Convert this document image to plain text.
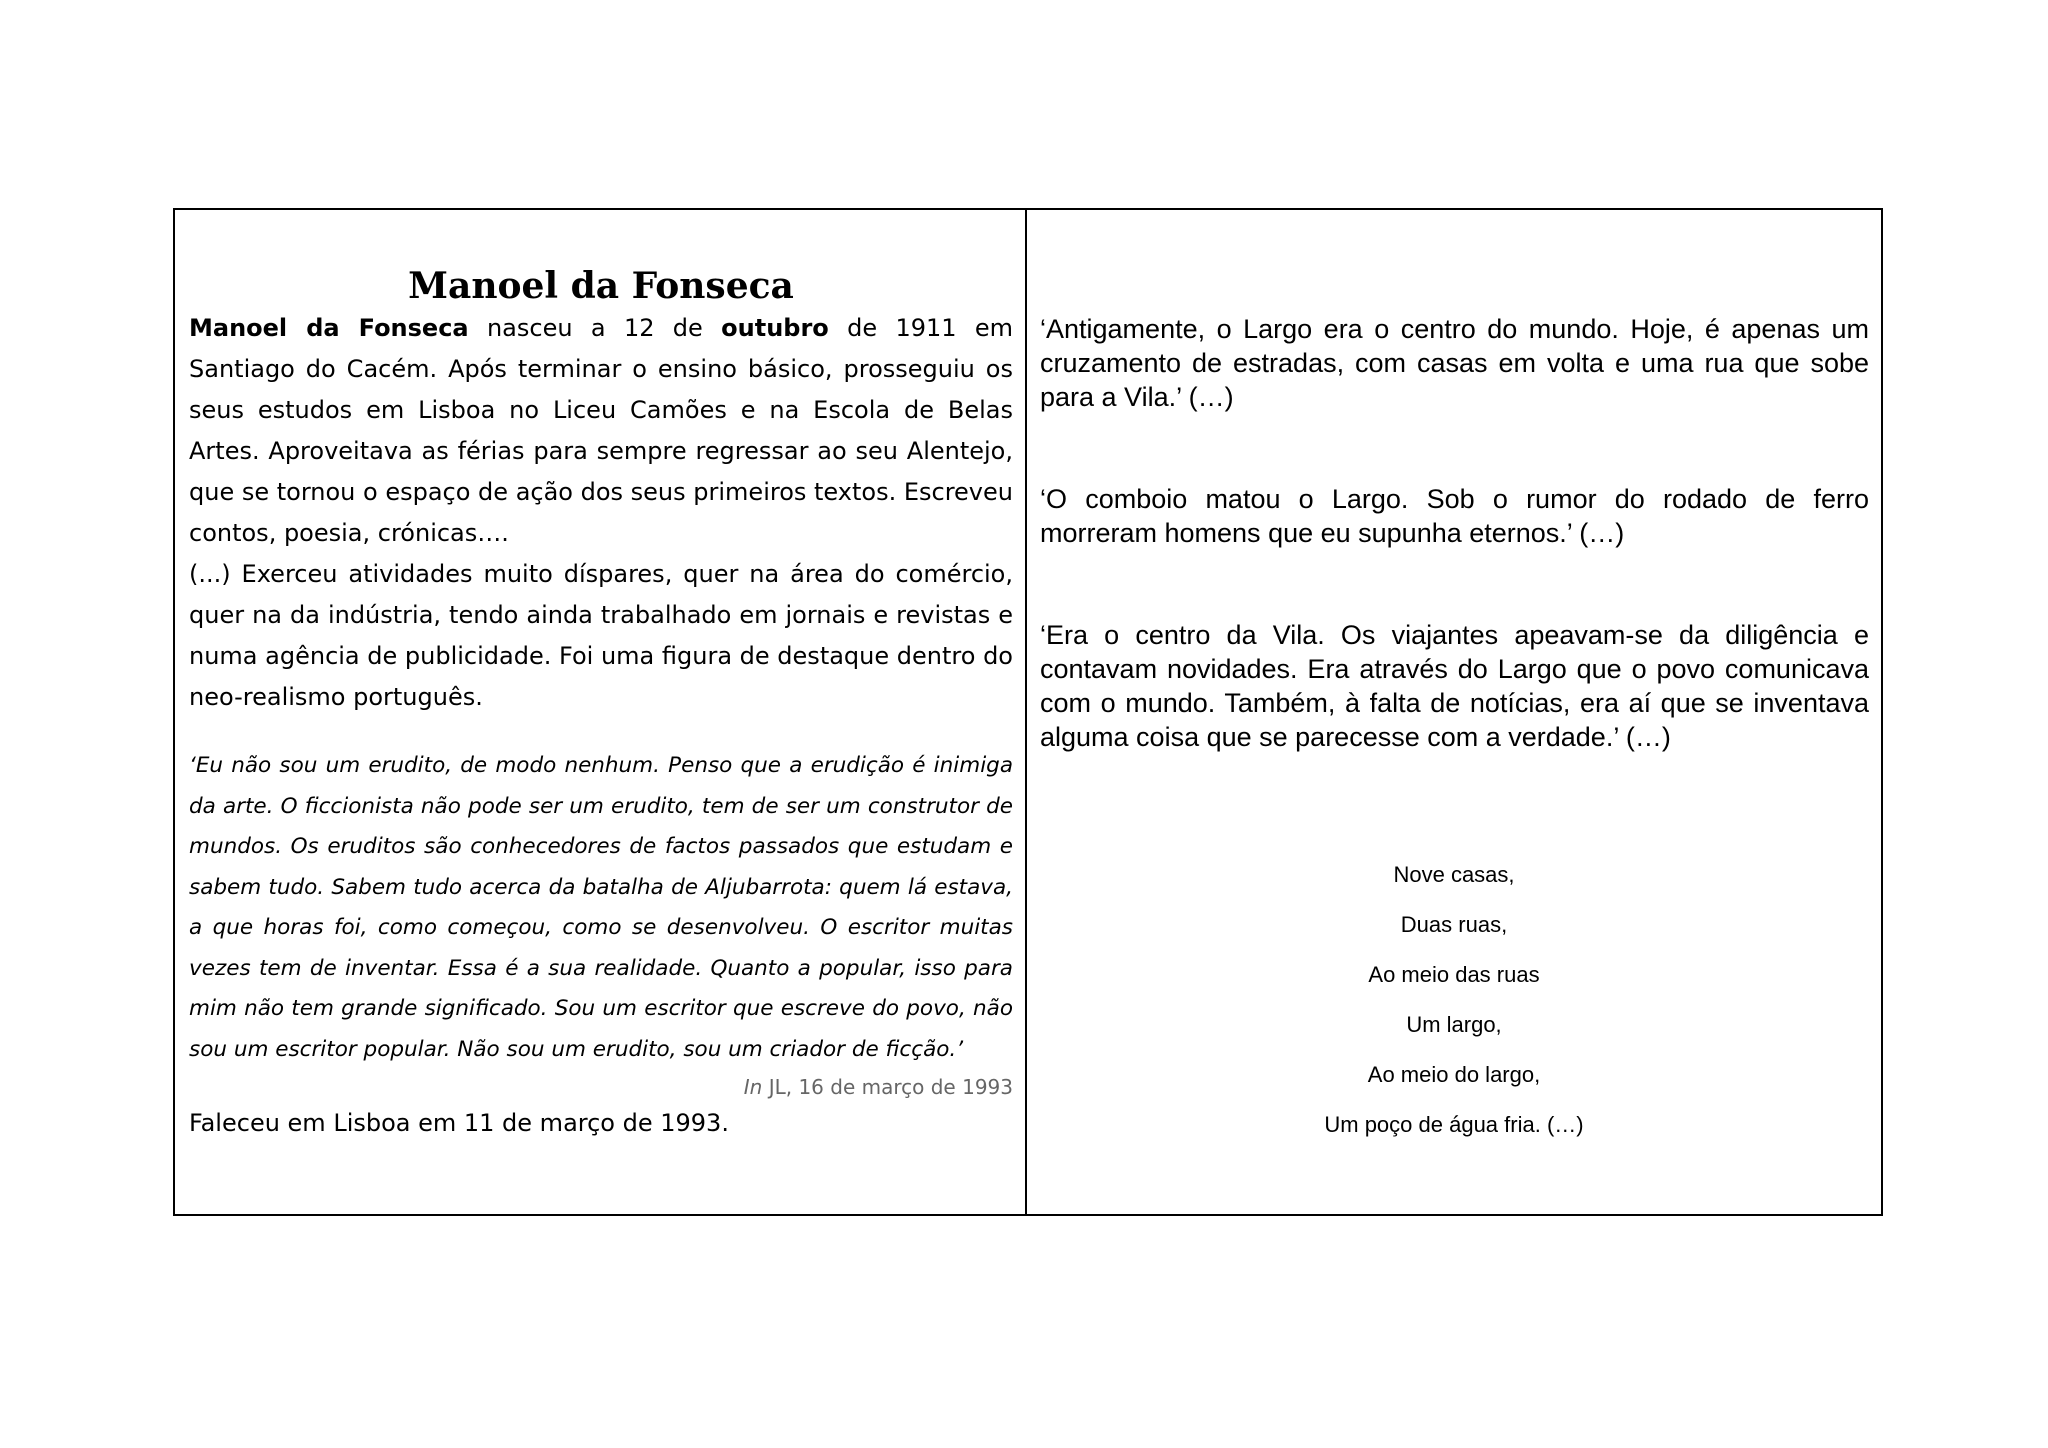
Manoel da Fonseca

Manoel da Fonseca nasceu a 12 de outubro de 1911 em Santiago do Cacém. Após terminar o ensino básico, prosseguiu os seus estudos em Lisboa no Liceu Camões e na Escola de Belas Artes. Aproveitava as férias para sempre regressar ao seu Alentejo, que se tornou o espaço de ação dos seus primeiros textos. Escreveu contos, poesia, crónicas….
(...) Exerceu atividades muito díspares, quer na área do comércio, quer na da indústria, tendo ainda trabalhado em jornais e revistas e numa agência de publicidade. Foi uma figura de destaque dentro do neo-realismo português.

‘Eu não sou um erudito, de modo nenhum. Penso que a erudição é inimiga da arte. O ficcionista não pode ser um erudito, tem de ser um construtor de mundos. Os eruditos são conhecedores de factos passados que estudam e sabem tudo. Sabem tudo acerca da batalha de Aljubarrota: quem lá estava, a que horas foi, como começou, como se desenvolveu. O escritor muitas vezes tem de inventar. Essa é a sua realidade. Quanto a popular, isso para mim não tem grande significado. Sou um escritor que escreve do povo, não sou um escritor popular. Não sou um erudito, sou um criador de ficção.’

In JL, 16 de março de 1993

Faleceu em Lisboa em 11 de março de 1993.

‘Antigamente, o Largo era o centro do mundo. Hoje, é apenas um cruzamento de estradas, com casas em volta e uma rua que sobe para a Vila.’ (…)

‘O comboio matou o Largo. Sob o rumor do rodado de ferro morreram homens que eu supunha eternos.’ (…)

‘Era o centro da Vila. Os viajantes apeavam-se da diligência e contavam novidades. Era através do Largo que o povo comunicava com o mundo. Também, à falta de notícias, era aí que se inventava alguma coisa que se parecesse com a verdade.’ (…)

Nove casas,
Duas ruas,
Ao meio das ruas
Um largo,
Ao meio do largo,
Um poço de água fria. (…)
